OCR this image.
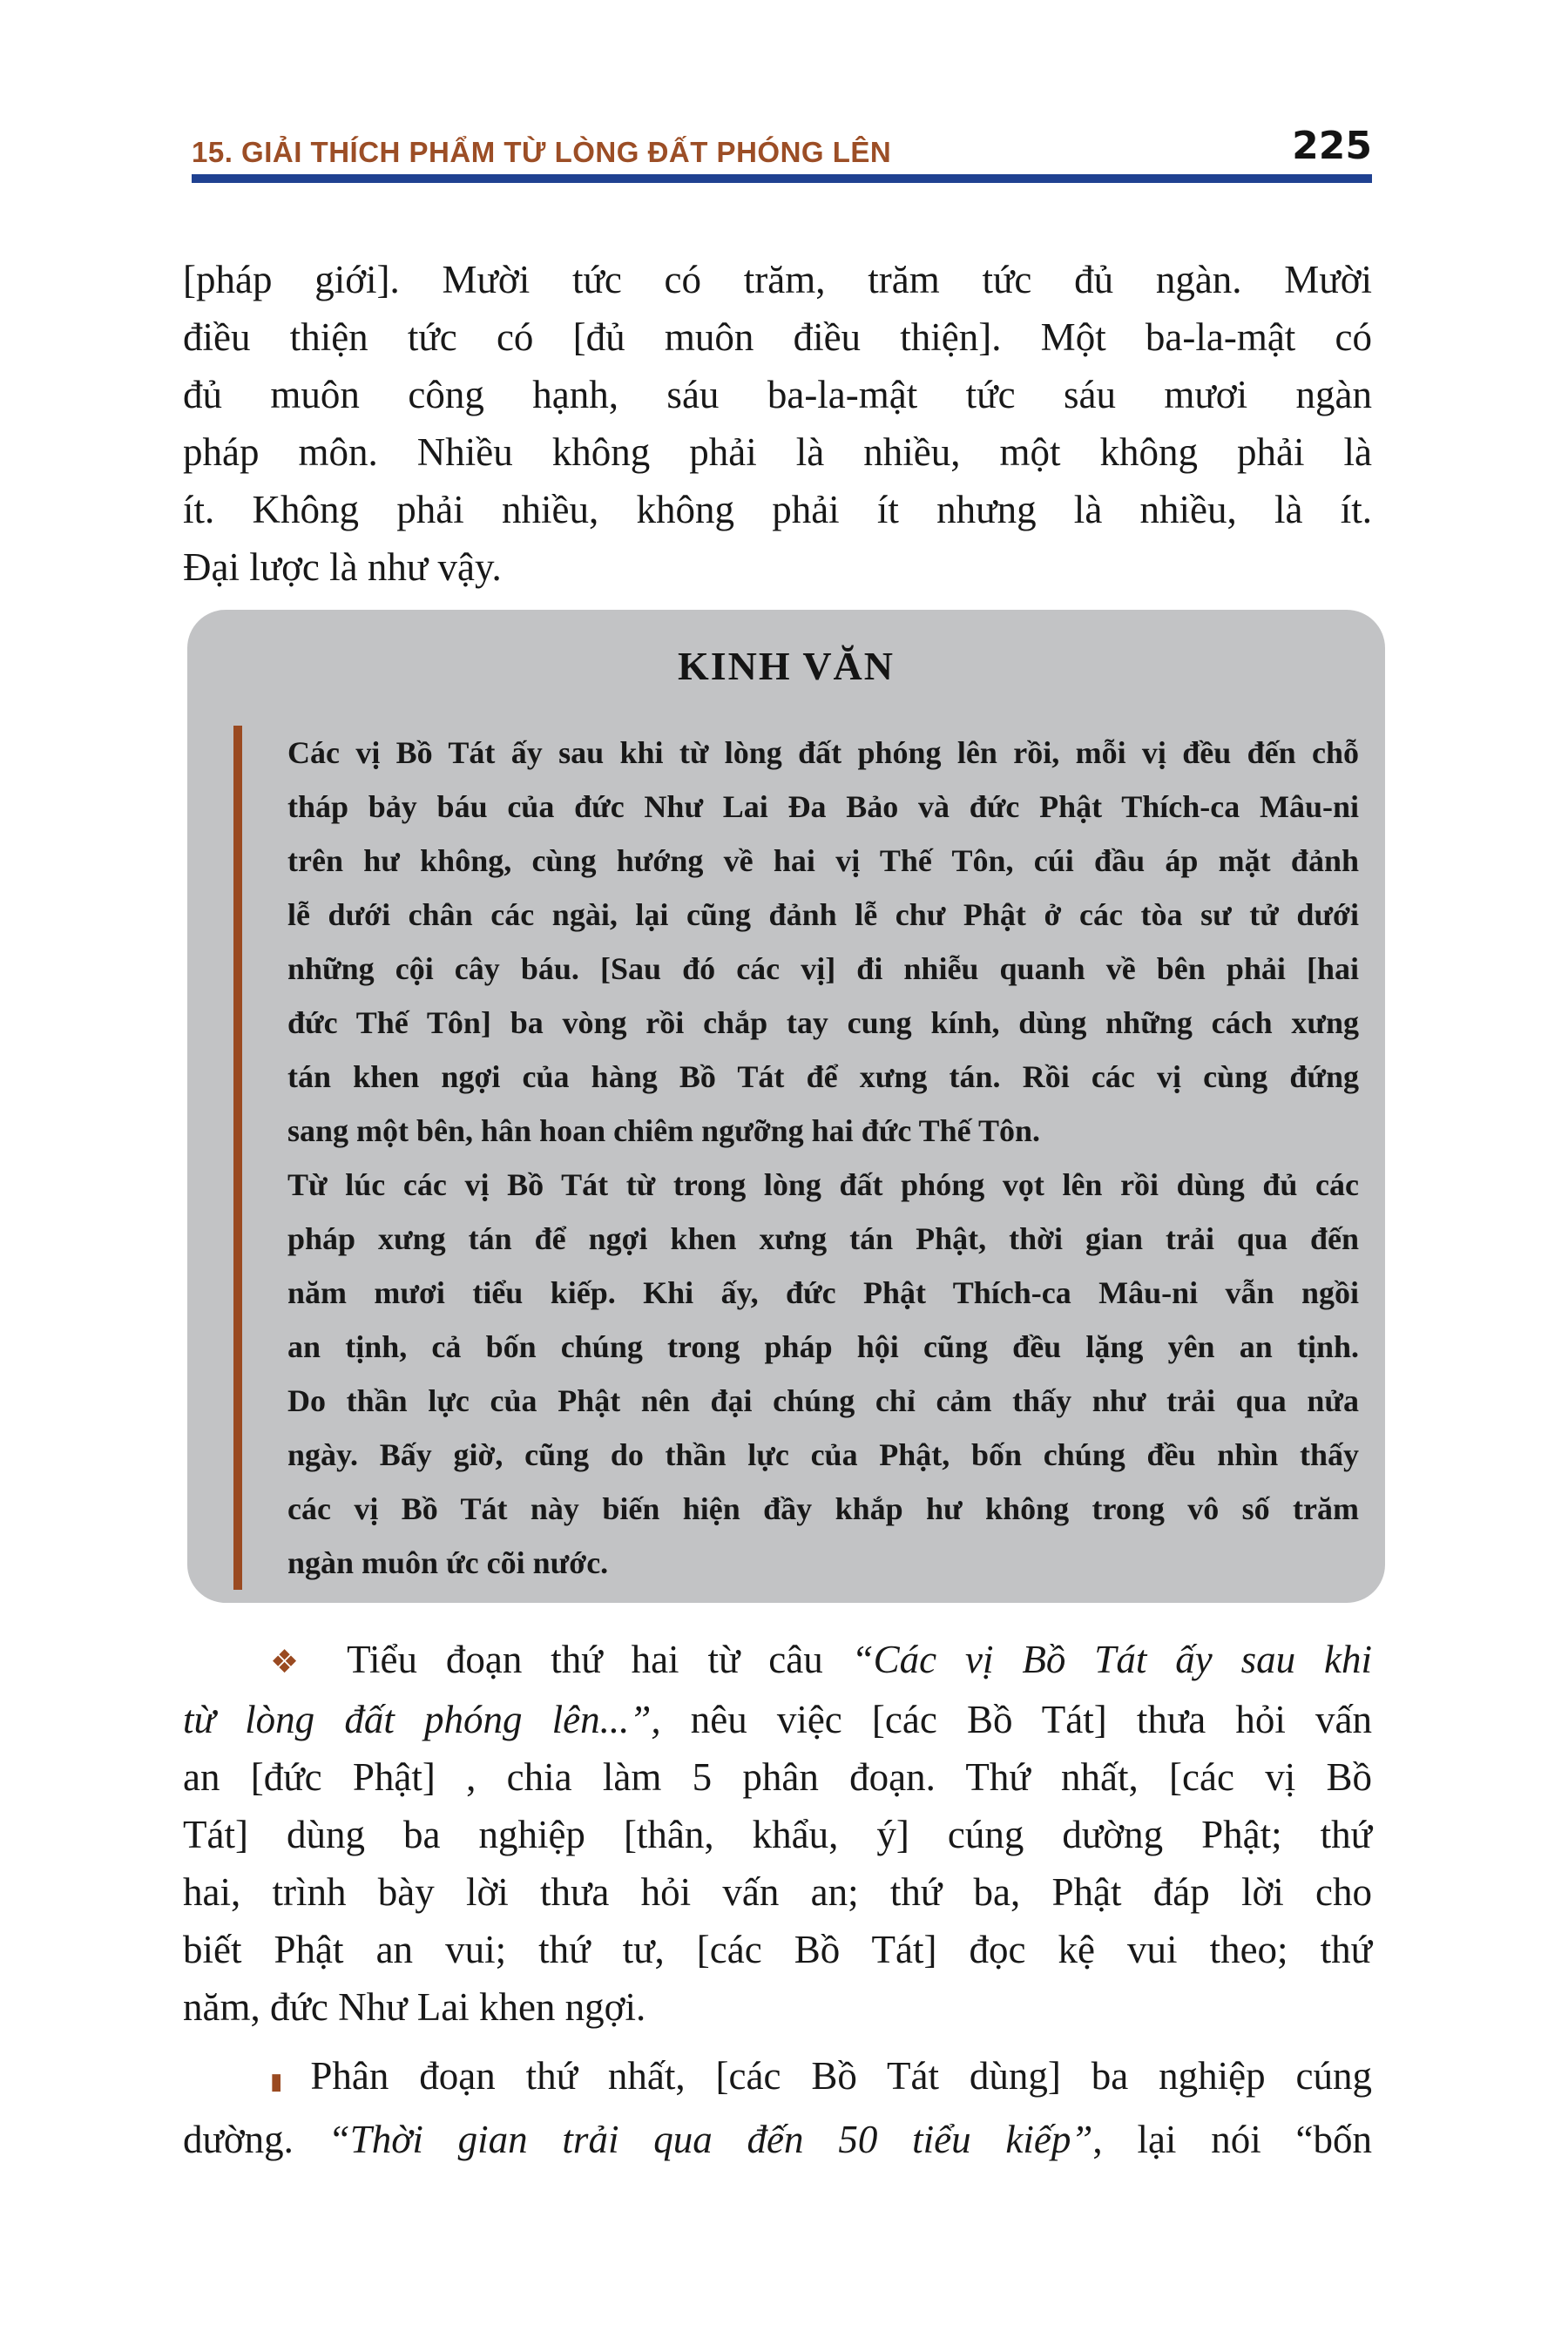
15. GIẢI THÍCH PHẨM TỪ LÒNG ĐẤT PHÓNG LÊN	225
[pháp giới]. Mười tức có trăm, trăm tức đủ ngàn. Mười
điều thiện tức có [đủ muôn điều thiện]. Một ba-la-mật có
đủ muôn công hạnh, sáu ba-la-mật tức sáu mươi ngàn
pháp môn. Nhiều không phải là nhiều, một không phải là
ít. Không phải nhiều, không phải ít nhưng là nhiều, là ít.
Đại lược là như vậy.
KINH VĂN
Các vị Bồ Tát ấy sau khi từ lòng đất phóng lên rồi, mỗi vị đều đến chỗ
tháp bảy báu của đức Như Lai Đa Bảo và đức Phật Thích-ca Mâu-ni
trên hư không, cùng hướng về hai vị Thế Tôn, cúi đầu áp mặt đảnh
lễ dưới chân các ngài, lại cũng đảnh lễ chư Phật ở các tòa sư tử dưới
những cội cây báu. [Sau đó các vị] đi nhiễu quanh về bên phải [hai
đức Thế Tôn] ba vòng rồi chắp tay cung kính, dùng những cách xưng
tán khen ngợi của hàng Bồ Tát để xưng tán. Rồi các vị cùng đứng
sang một bên, hân hoan chiêm ngưỡng hai đức Thế Tôn.
Từ lúc các vị Bồ Tát từ trong lòng đất phóng vọt lên rồi dùng đủ các
pháp xưng tán để ngợi khen xưng tán Phật, thời gian trải qua đến
năm mươi tiểu kiếp. Khi ấy, đức Phật Thích-ca Mâu-ni vẫn ngồi
an tịnh, cả bốn chúng trong pháp hội cũng đều lặng yên an tịnh.
Do thần lực của Phật nên đại chúng chỉ cảm thấy như trải qua nửa
ngày. Bấy giờ, cũng do thần lực của Phật, bốn chúng đều nhìn thấy
các vị Bồ Tát này biến hiện đầy khắp hư không trong vô số trăm
ngàn muôn ức cõi nước.
❖ Tiểu đoạn thứ hai từ câu “Các vị Bồ Tát ấy sau khi
từ lòng đất phóng lên...”, nêu việc [các Bồ Tát] thưa hỏi vấn
an [đức Phật] , chia làm 5 phân đoạn. Thứ nhất, [các vị Bồ
Tát] dùng ba nghiệp [thân, khẩu, ý] cúng dường Phật; thứ
hai, trình bày lời thưa hỏi vấn an; thứ ba, Phật đáp lời cho
biết Phật an vui; thứ tư, [các Bồ Tát] đọc kệ vui theo; thứ
năm, đức Như Lai khen ngợi.
▮ Phân đoạn thứ nhất, [các Bồ Tát dùng] ba nghiệp cúng
dường. “Thời gian trải qua đến 50 tiểu kiếp”, lại nói “bốn
